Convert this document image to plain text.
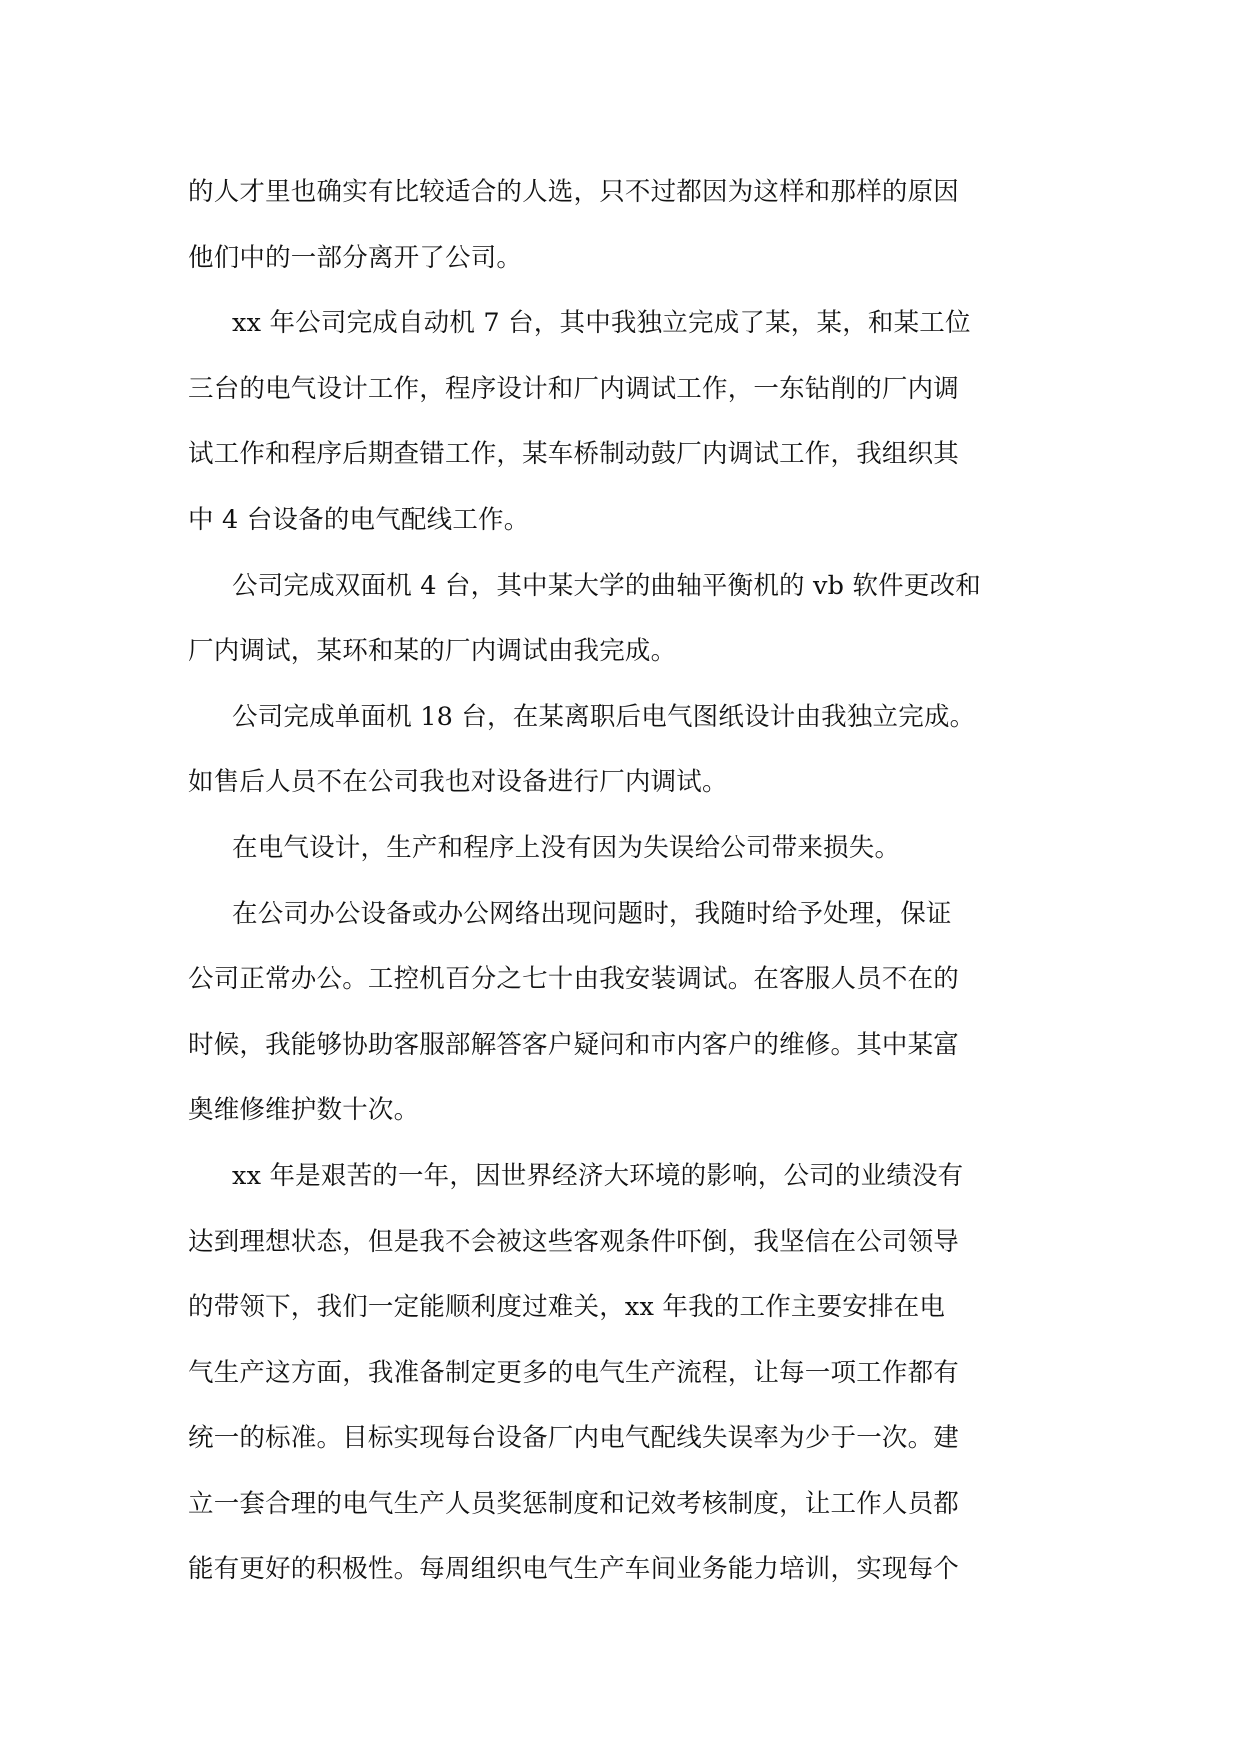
的人才里也确实有比较适合的人选，只不过都因为这样和那样的原因
他们中的一部分离开了公司。
xx 年公司完成自动机 7 台，其中我独立完成了某，某，和某工位
三台的电气设计工作，程序设计和厂内调试工作，一东钻削的厂内调
试工作和程序后期查错工作，某车桥制动鼓厂内调试工作，我组织其
中 4 台设备的电气配线工作。
公司完成双面机 4 台，其中某大学的曲轴平衡机的 vb 软件更改和
厂内调试，某环和某的厂内调试由我完成。
公司完成单面机 18 台，在某离职后电气图纸设计由我独立完成。
如售后人员不在公司我也对设备进行厂内调试。
在电气设计，生产和程序上没有因为失误给公司带来损失。
在公司办公设备或办公网络出现问题时，我随时给予处理，保证
公司正常办公。工控机百分之七十由我安装调试。在客服人员不在的
时候，我能够协助客服部解答客户疑问和市内客户的维修。其中某富
奥维修维护数十次。
xx 年是艰苦的一年，因世界经济大环境的影响，公司的业绩没有
达到理想状态，但是我不会被这些客观条件吓倒，我坚信在公司领导
的带领下，我们一定能顺利度过难关，xx 年我的工作主要安排在电
气生产这方面，我准备制定更多的电气生产流程，让每一项工作都有
统一的标准。目标实现每台设备厂内电气配线失误率为少于一次。建
立一套合理的电气生产人员奖惩制度和记效考核制度，让工作人员都
能有更好的积极性。每周组织电气生产车间业务能力培训，实现每个
